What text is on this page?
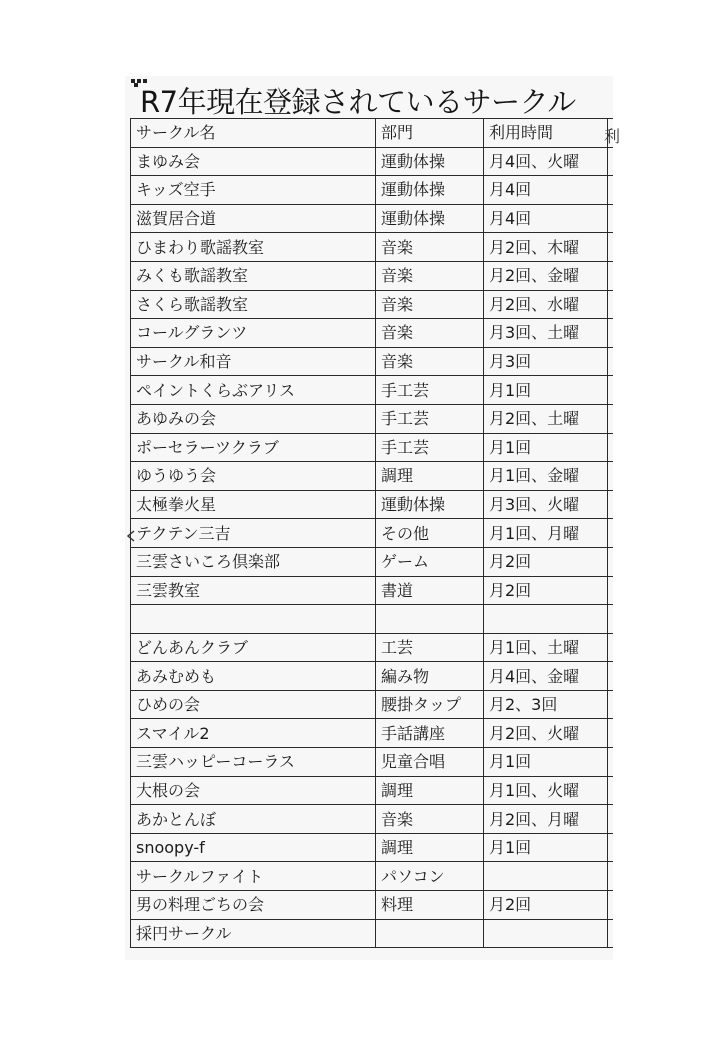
R7年現在登録されているサークル
サークル名	部門	利用時間	
まゆみ会	運動体操	月4回、火曜	
キッズ空手	運動体操	月4回	
滋賀居合道	運動体操	月4回	
ひまわり歌謡教室	音楽	月2回、木曜	
みくも歌謡教室	音楽	月2回、金曜	
さくら歌謡教室	音楽	月2回、水曜	
コールグランツ	音楽	月3回、土曜	
サークル和音	音楽	月3回	
ペイントくらぶアリス	手工芸	月1回	
あゆみの会	手工芸	月2回、土曜	
ポーセラーツクラブ	手工芸	月1回	
ゆうゆう会	調理	月1回、金曜	
太極拳火星	運動体操	月3回、火曜	
テクテン三吉	その他	月1回、月曜	
三雲さいころ倶楽部	ゲーム	月2回	
三雲教室	書道	月2回	

どんあんクラブ	工芸	月1回、土曜	
あみむめも	編み物	月4回、金曜	
ひめの会	腰掛タップ	月2、3回	
スマイル2	手話講座	月2回、火曜	
三雲ハッピーコーラス	児童合唱	月1回	
大根の会	調理	月1回、火曜	
あかとんぼ	音楽	月2回、月曜	
snoopy-f	調理	月1回	
サークルファイト	パソコン		
男の料理ごちの会	料理	月2回	
採円サークル			
利
